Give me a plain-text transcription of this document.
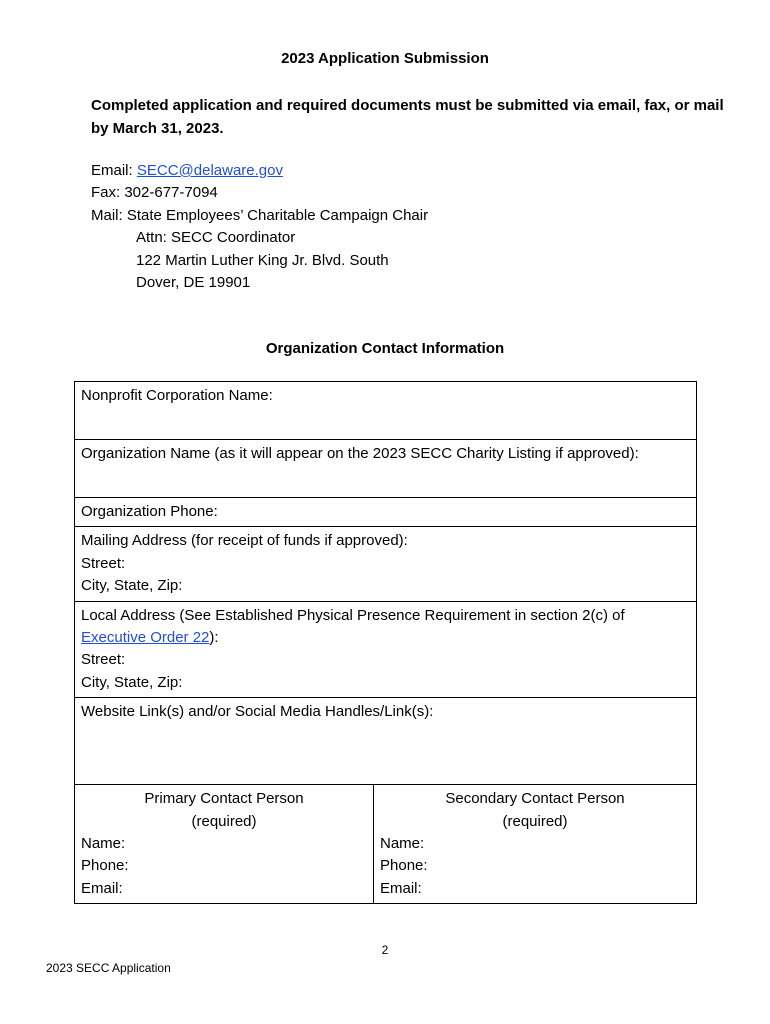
2023 Application Submission
Completed application and required documents must be submitted via email, fax, or mail by March 31, 2023.
Email: SECC@delaware.gov
Fax: 302-677-7094
Mail: State Employees’ Charitable Campaign Chair
Attn: SECC Coordinator
122 Martin Luther King Jr. Blvd. South
Dover, DE 19901
Organization Contact Information
Nonprofit Corporation Name:
Organization Name (as it will appear on the 2023 SECC Charity Listing if approved):
Organization Phone:

Mailing Address (for receipt of funds if approved):
Street:
City, State, Zip:

Local Address (See Established Physical Presence Requirement in section 2(c) of Executive Order 22):
Street:
City, State, Zip:

Website Link(s) and/or Social Media Handles/Link(s):

Primary Contact Person
(required)
Name:
Phone:
Email:

Secondary Contact Person
(required)
Name:
Phone:
Email:
2
2023 SECC Application
